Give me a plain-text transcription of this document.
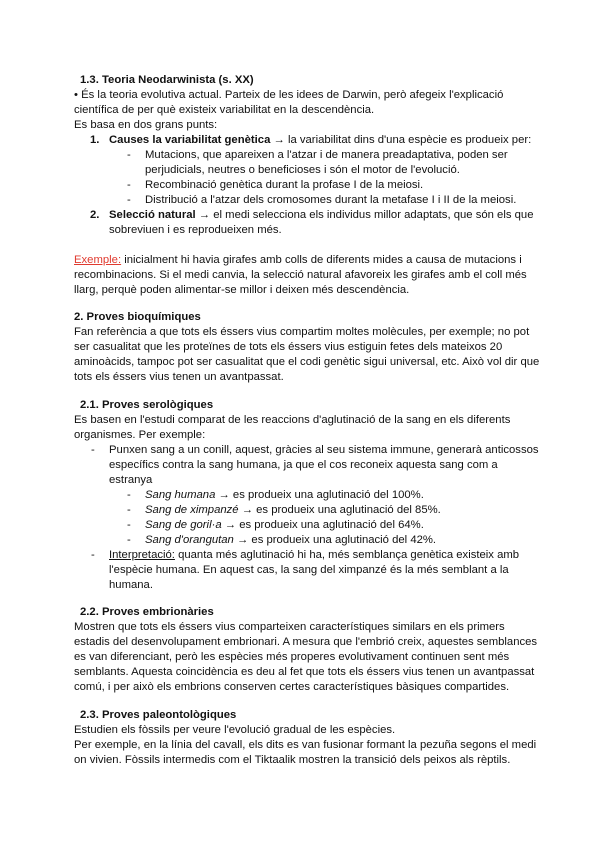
1.3. Teoria Neodarwinista (s. XX)
• És la teoria evolutiva actual. Parteix de les idees de Darwin, però afegeix l'explicació
científica de per què existeix variabilitat en la descendència.
Es basa en dos grans punts:
1. Causes la variabilitat genètica → la variabilitat dins d'una espècie es produeix per:
- Mutacions, que apareixen a l'atzar i de manera preadaptativa, poden ser
perjudicials, neutres o beneficioses i són el motor de l'evolució.
- Recombinació genètica durant la profase I de la meiosi.
- Distribució a l'atzar dels cromosomes durant la metafase I i II de la meiosi.
2. Selecció natural → el medi selecciona els individus millor adaptats, que són els que
sobreviuen i es reprodueixen més.
Exemple: inicialment hi havia girafes amb colls de diferents mides a causa de mutacions i
recombinacions. Si el medi canvia, la selecció natural afavoreix les girafes amb el coll més
llarg, perquè poden alimentar-se millor i deixen més descendència.
2. Proves bioquímiques
Fan referència a que tots els éssers vius compartim moltes molècules, per exemple; no pot
ser casualitat que les proteïnes de tots els éssers vius estiguin fetes dels mateixos 20
aminoàcids, tampoc pot ser casualitat que el codi genètic sigui universal, etc. Això vol dir que
tots els éssers vius tenen un avantpassat.
2.1. Proves serològiques
Es basen en l'estudi comparat de les reaccions d'aglutinació de la sang en els diferents
organismes. Per exemple:
- Punxen sang a un conill, aquest, gràcies al seu sistema immune, generarà anticossos
específics contra la sang humana, ja que el cos reconeix aquesta sang com a
estranya
- Sang humana → es produeix una aglutinació del 100%.
- Sang de ximpanzé → es produeix una aglutinació del 85%.
- Sang de goril·a → es produeix una aglutinació del 64%.
- Sang d'orangutan → es produeix una aglutinació del 42%.
- Interpretació: quanta més aglutinació hi ha, més semblança genètica existeix amb
l'espècie humana. En aquest cas, la sang del ximpanzé és la més semblant a la
humana.
2.2. Proves embrionàries
Mostren que tots els éssers vius comparteixen característiques similars en els primers
estadis del desenvolupament embrionari. A mesura que l'embrió creix, aquestes semblances
es van diferenciant, però les espècies més properes evolutivament continuen sent més
semblants. Aquesta coincidència es deu al fet que tots els éssers vius tenen un avantpassat
comú, i per això els embrions conserven certes característiques bàsiques compartides.
2.3. Proves paleontològiques
Estudien els fòssils per veure l'evolució gradual de les espècies.
Per exemple, en la línia del cavall, els dits es van fusionar formant la pezuña segons el medi
on vivien. Fòssils intermedis com el Tiktaalik mostren la transició dels peixos als rèptils.
